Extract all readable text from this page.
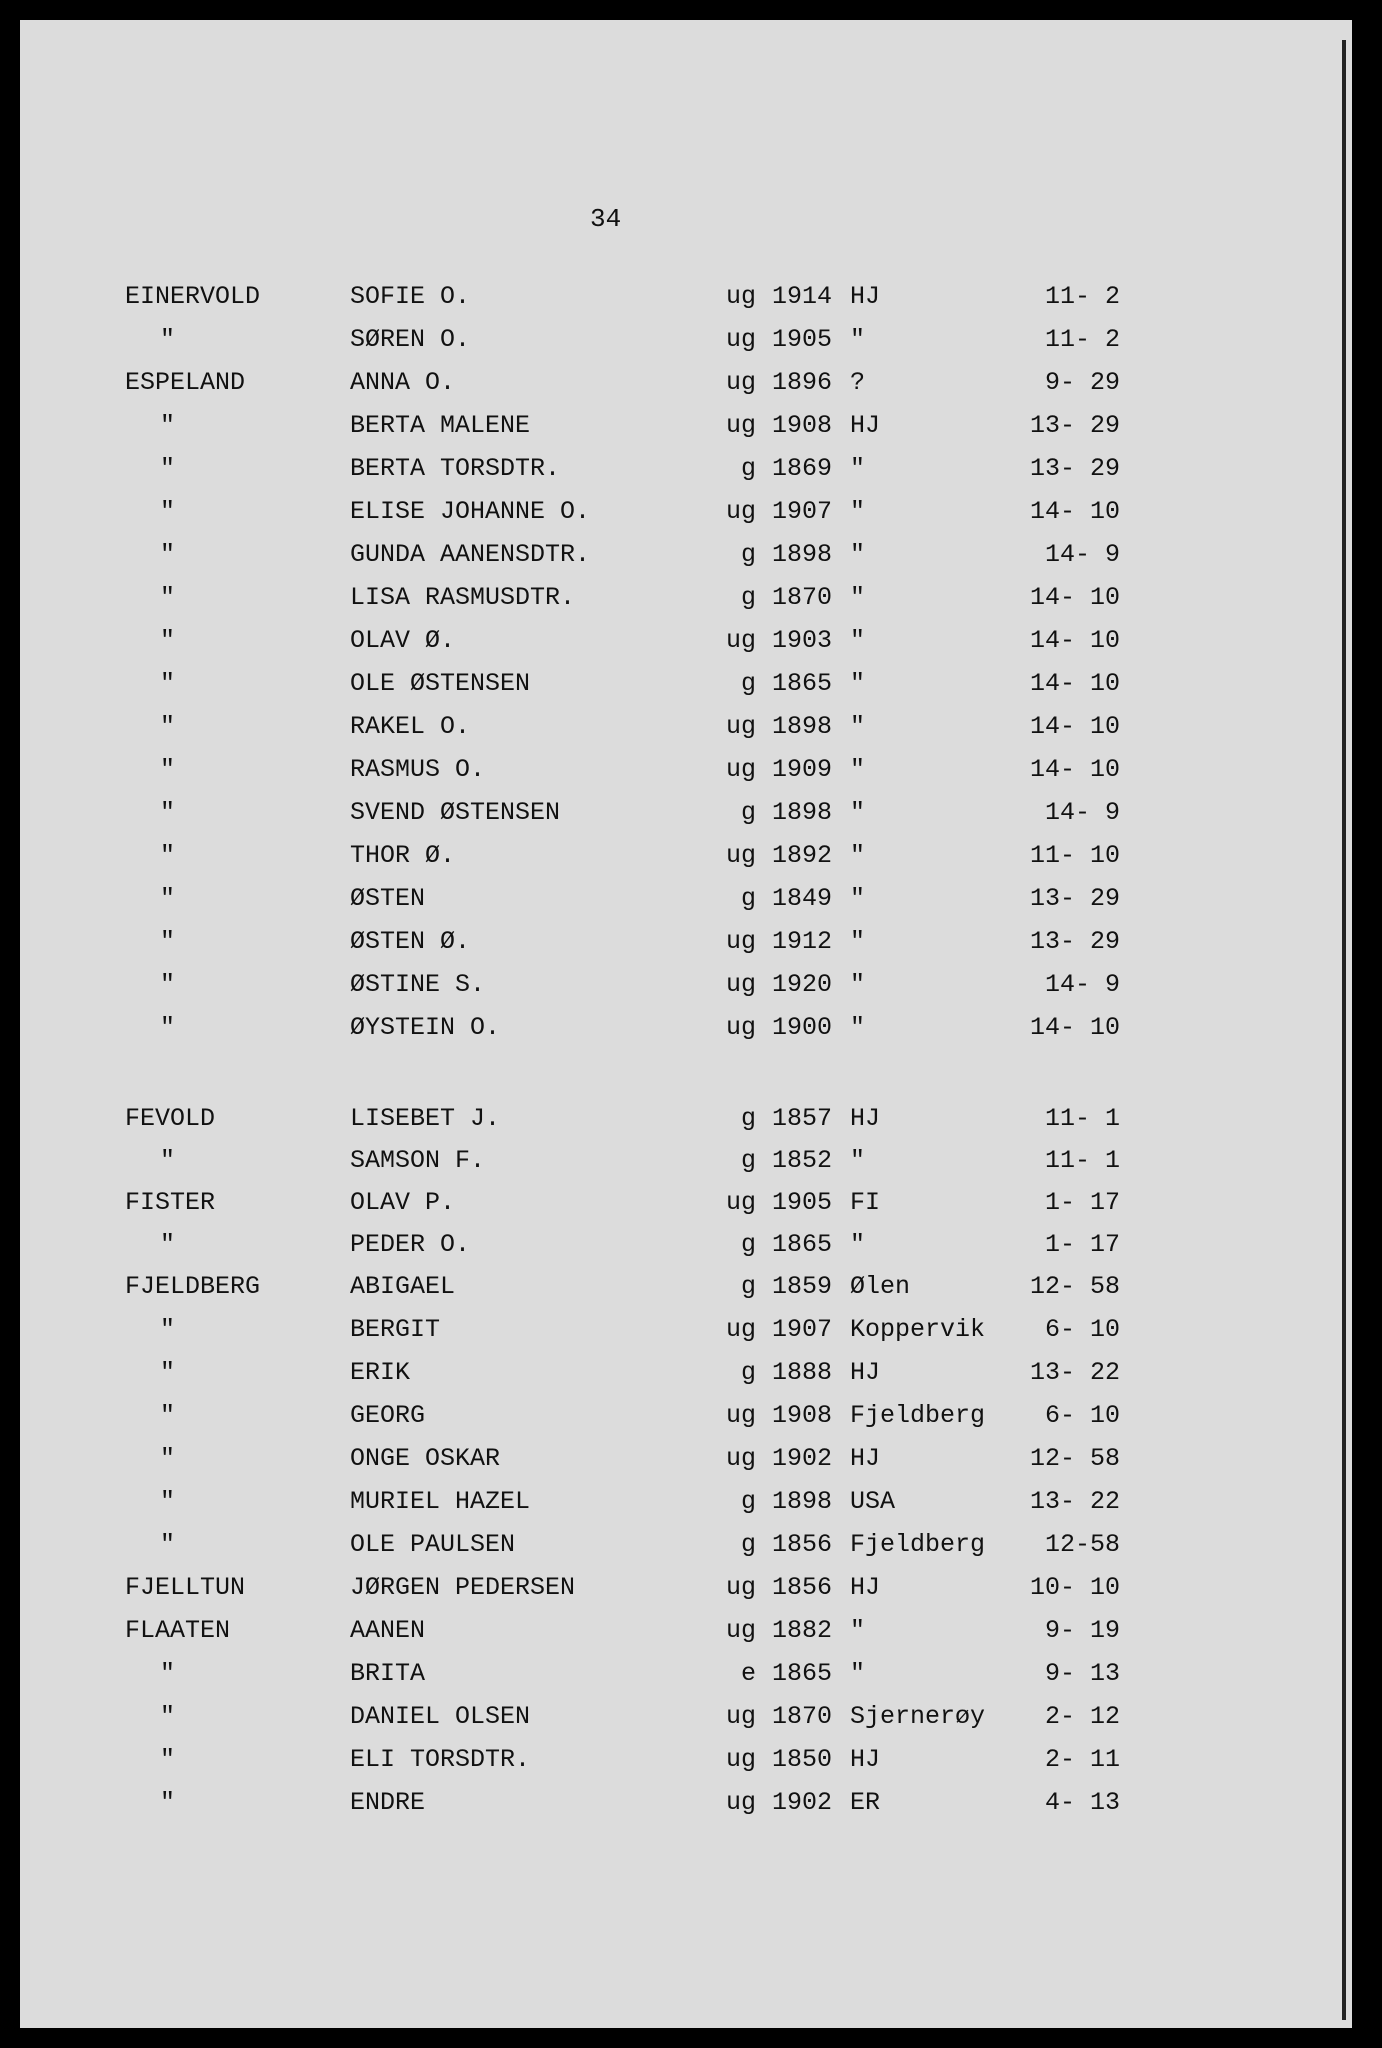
34
EINERVOLD	SOFIE O.	ug 1914 HJ	11- 2
"	SØREN O.	ug 1905 "	11- 2
ESPELAND	ANNA O.	ug 1896 ?	9- 29
"	BERTA MALENE	ug 1908 HJ	13- 29
"	BERTA TORSDTR.	g 1869 "	13- 29
"	ELISE JOHANNE O.	ug 1907 "	14- 10
"	GUNDA AANENSDTR.	g 1898 "	14- 9
"	LISA RASMUSDTR.	g 1870 "	14- 10
"	OLAV Ø.	ug 1903 "	14- 10
"	OLE ØSTENSEN	g 1865 "	14- 10
"	RAKEL O.	ug 1898 "	14- 10
"	RASMUS O.	ug 1909 "	14- 10
"	SVEND ØSTENSEN	g 1898 "	14- 9
"	THOR Ø.	ug 1892 "	11- 10
"	ØSTEN	g 1849 "	13- 29
"	ØSTEN Ø.	ug 1912 "	13- 29
"	ØSTINE S.	ug 1920 "	14- 9
"	ØYSTEIN O.	ug 1900 "	14- 10
FEVOLD	LISEBET J.	g 1857 HJ	11- 1
"	SAMSON F.	g 1852 "	11- 1
FISTER	OLAV P.	ug 1905 FI	1- 17
"	PEDER O.	g 1865 "	1- 17
FJELDBERG	ABIGAEL	g 1859 Ølen	12- 58
"	BERGIT	ug 1907 Koppervik	6- 10
"	ERIK	g 1888 HJ	13- 22
"	GEORG	ug 1908 Fjeldberg	6- 10
"	ONGE OSKAR	ug 1902 HJ	12- 58
"	MURIEL HAZEL	g 1898 USA	13- 22
"	OLE PAULSEN	g 1856 Fjeldberg	12-58
FJELLTUN	JØRGEN PEDERSEN	ug 1856 HJ	10- 10
FLAATEN	AANEN	ug 1882 "	9- 19
"	BRITA	e 1865 "	9- 13
"	DANIEL OLSEN	ug 1870 Sjernerøy	2- 12
"	ELI TORSDTR.	ug 1850 HJ	2- 11
"	ENDRE	ug 1902 ER	4- 13
